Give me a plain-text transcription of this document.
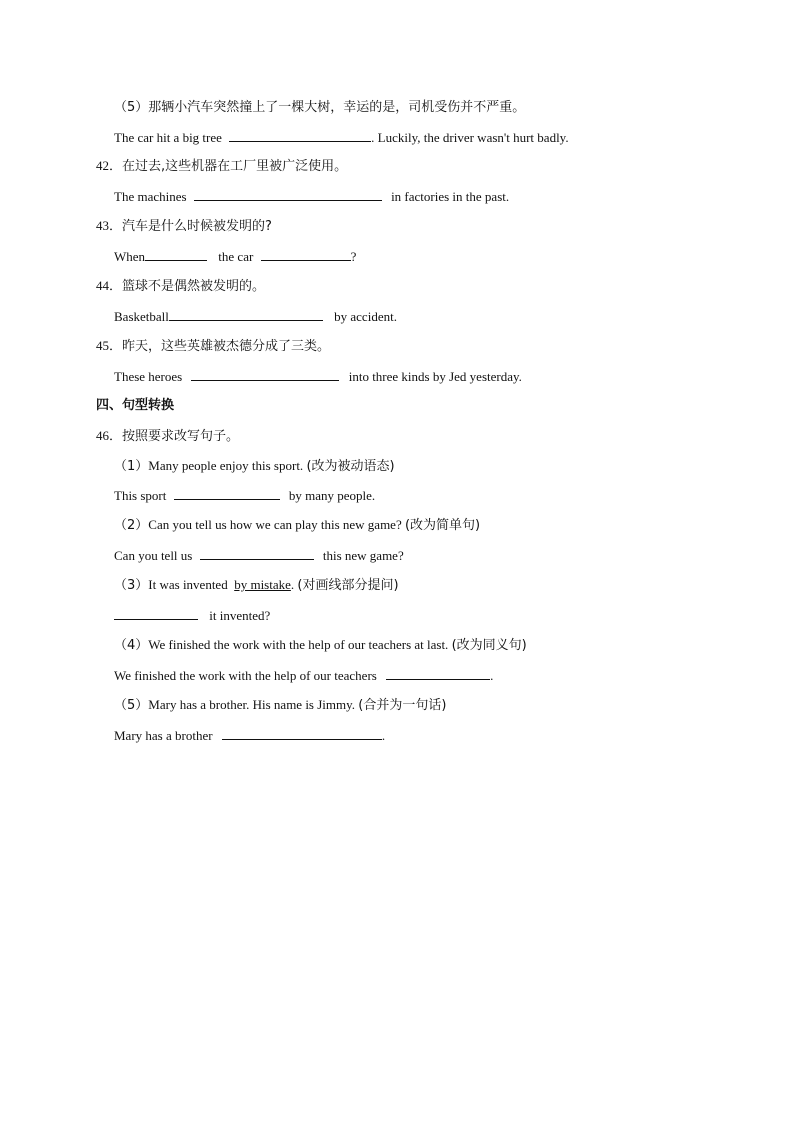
（5）那辆小汽车突然撞上了一棵大树，幸运的是，司机受伤并不严重。
The car hit a big tree	. Luckily, the driver wasn't hurt badly.
42．在过去,这些机器在工厂里被广泛使用。
The machines	in factories in the past.
43．汽车是什么时候被发明的?
When	the car	?
44．篮球不是偶然被发明的。
Basketball	by accident.
45．昨天，这些英雄被杰德分成了三类。
These heroes	into three kinds by Jed yesterday.
四、句型转换
46．按照要求改写句子。
（1）Many people enjoy this sport. (改为被动语态)
This sport	by many people.
（2）Can you tell us how we can play this new game? (改为简单句)
Can you tell us	this new game?
（3）It was invented by mistake. (对画线部分提问)
it invented?
（4）We finished the work with the help of our teachers at last. (改为同义句)
We finished the work with the help of our teachers	.
（5）Mary has a brother. His name is Jimmy. (合并为一句话)
Mary has a brother	.
